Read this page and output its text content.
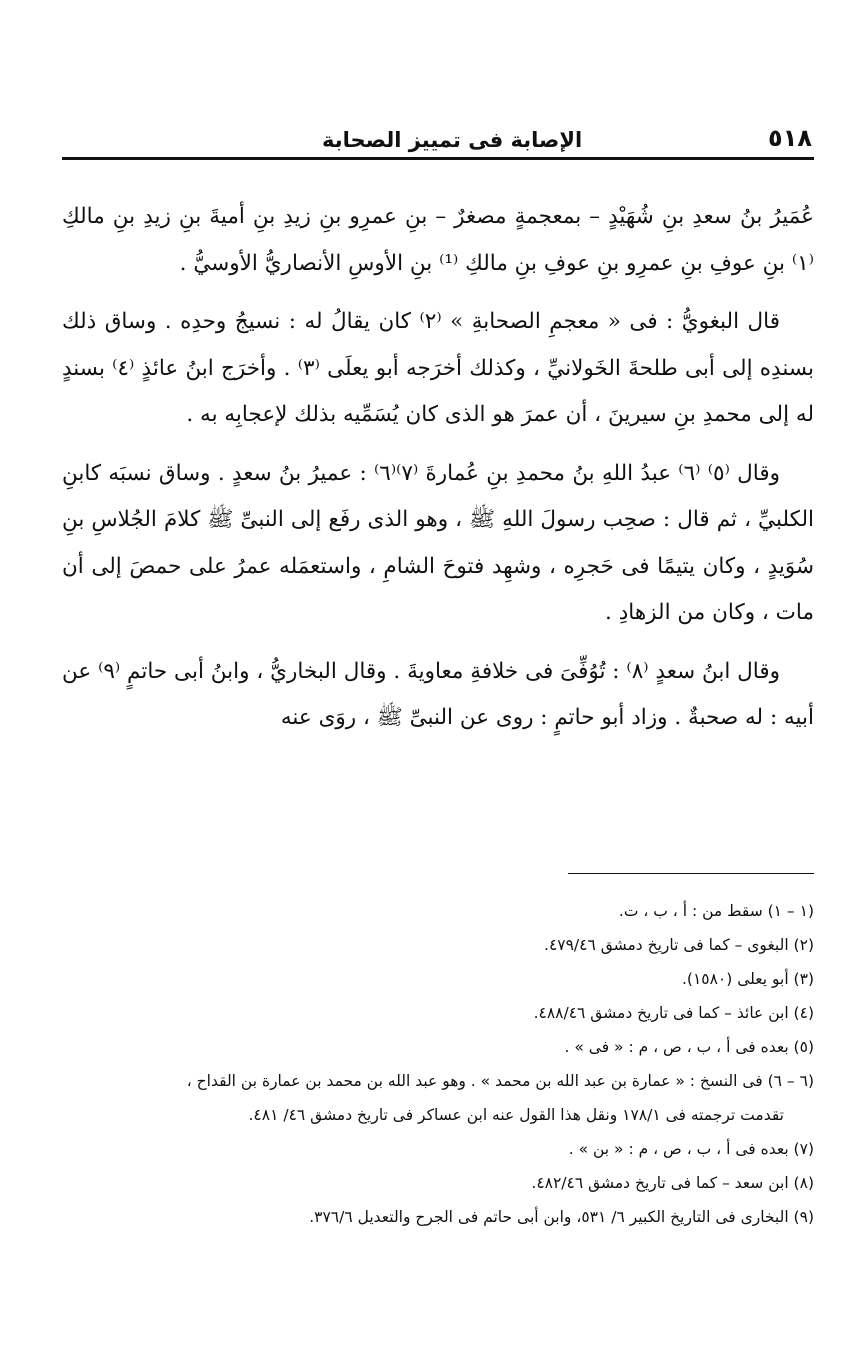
٥١٨
الإصابة فى تمييز الصحابة

عُمَيرُ بنُ سعدِ بنِ شُهَيْدٍ – بمعجمةٍ مصغرٌ – بنِ عمرِو بنِ زيدِ بنِ أميةَ بنِ زيدِ بنِ مالكِ ⁽١⁾ بنِ عوفِ بنِ عمرِو بنِ عوفِ بنِ مالكِ ⁽¹⁾ بنِ الأوسِ الأنصاريُّ الأوسيُّ .

قال البغويُّ : فى « معجمِ الصحابةِ » ⁽٢⁾ كان يقالُ له : نسيجُ وحدِه . وساق ذلك بسندِه إلى أبى طلحةَ الخَولانيِّ ، وكذلك أخرَجه أبو يعلَى ⁽٣⁾ . وأخرَج ابنُ عائذٍ ⁽٤⁾ بسندٍ له إلى محمدِ بنِ سيرينَ ، أن عمرَ هو الذى كان يُسَمِّيه بذلك لإعجابِه به .

وقال ⁽٥⁾ ⁽٦⁾ عبدُ اللهِ بنُ محمدِ بنِ عُمارةَ ⁽٧⁾⁽٦⁾ : عميرُ بنُ سعدٍ . وساق نسبَه كابنِ الكلبيِّ ، ثم قال : صحِب رسولَ اللهِ ﷺ ، وهو الذى رفَع إلى النبىِّ ﷺ كلامَ الجُلاسِ بنِ سُوَيدٍ ، وكان يتيمًا فى حَجرِه ، وشهِد فتوحَ الشامِ ، واستعمَله عمرُ على حمصَ إلى أن مات ، وكان من الزهادِ .

وقال ابنُ سعدٍ ⁽٨⁾ : تُوُفِّىَ فى خلافةِ معاويةَ . وقال البخاريُّ ، وابنُ أبى حاتمٍ ⁽٩⁾ عن أبيه : له صحبةٌ . وزاد أبو حاتمٍ : روى عن النبىِّ ﷺ ، روَى عنه

(١ – ١) سقط من : أ ، ب ، ت.
(٢) البغوى – كما فى تاريخ دمشق ٤٧٩/٤٦.
(٣) أبو يعلى (١٥٨٠).
(٤) ابن عائذ – كما فى تاريخ دمشق ٤٨٨/٤٦.
(٥) بعده فى أ ، ب ، ص ، م : « فى » .
(٦ – ٦) فى النسخ : « عمارة بن عبد الله بن محمد » . وهو عبد الله بن محمد بن عمارة بن القداح ،
تقدمت ترجمته فى ١٧٨/١ ونقل هذا القول عنه ابن عساكر فى تاريخ دمشق ٤٦/ ٤٨١.
(٧) بعده فى أ ، ب ، ص ، م : « بن » .
(٨) ابن سعد – كما فى تاريخ دمشق ٤٨٢/٤٦.
(٩) البخارى فى التاريخ الكبير ٦/ ٥٣١، وابن أبى حاتم فى الجرح والتعديل ٣٧٦/٦.
